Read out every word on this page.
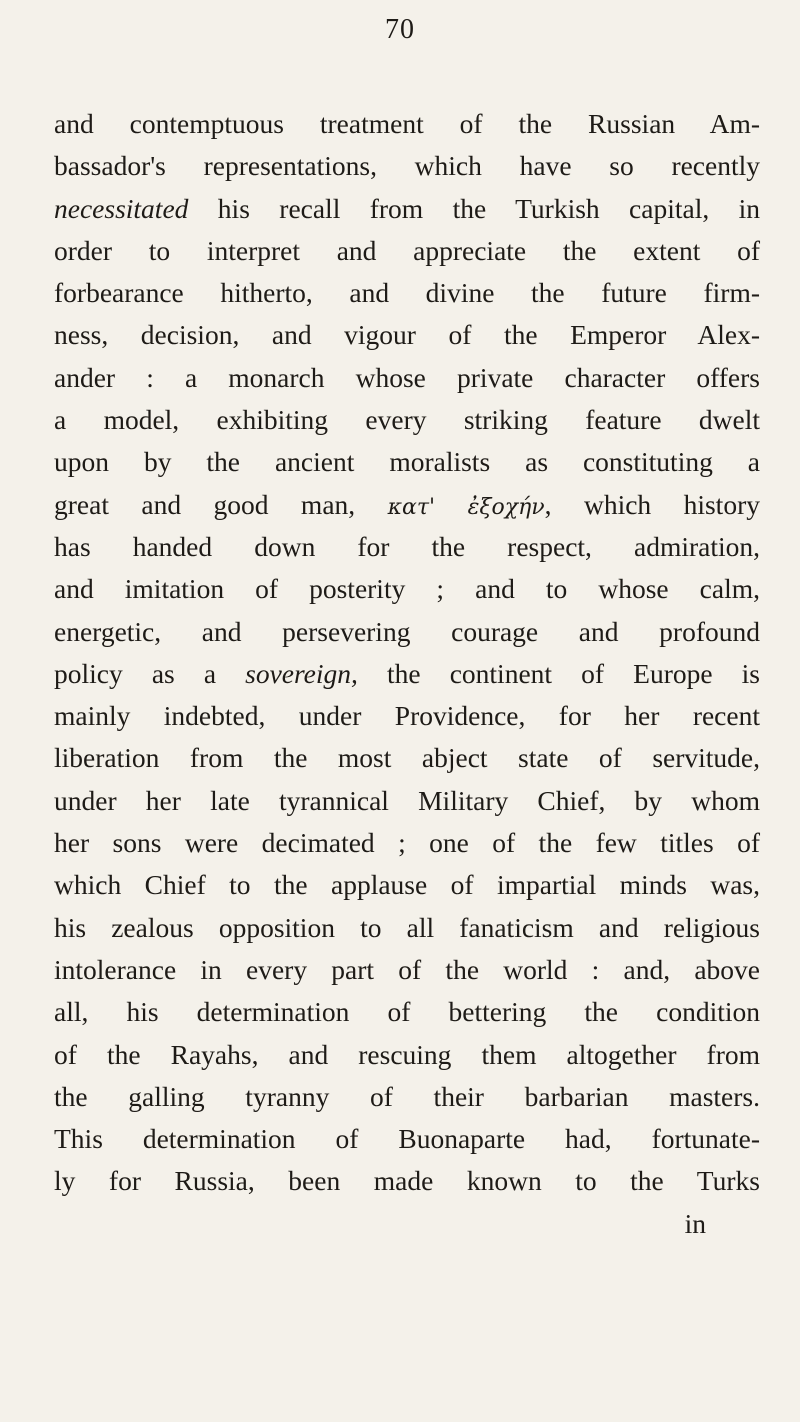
70
and contemptuous treatment of the Russian Am-
bassador's representations, which have so recently
necessitated his recall from the Turkish capital, in
order to interpret and appreciate the extent of
forbearance hitherto, and divine the future firm-
ness, decision, and vigour of the Emperor Alex-
ander : a monarch whose private character offers
a model, exhibiting every striking feature dwelt
upon by the ancient moralists as constituting a
great and good man, κατ' ἐξοχήν, which history
has handed down for the respect, admiration,
and imitation of posterity ; and to whose calm,
energetic, and persevering courage and profound
policy as a sovereign, the continent of Europe is
mainly indebted, under Providence, for her recent
liberation from the most abject state of servitude,
under her late tyrannical Military Chief, by whom
her sons were decimated ; one of the few titles of
which Chief to the applause of impartial minds was,
his zealous opposition to all fanaticism and religious
intolerance in every part of the world : and, above
all, his determination of bettering the condition
of the Rayahs, and rescuing them altogether from
the galling tyranny of their barbarian masters.
This determination of Buonaparte had, fortunate-
ly for Russia, been made known to the Turks
in
